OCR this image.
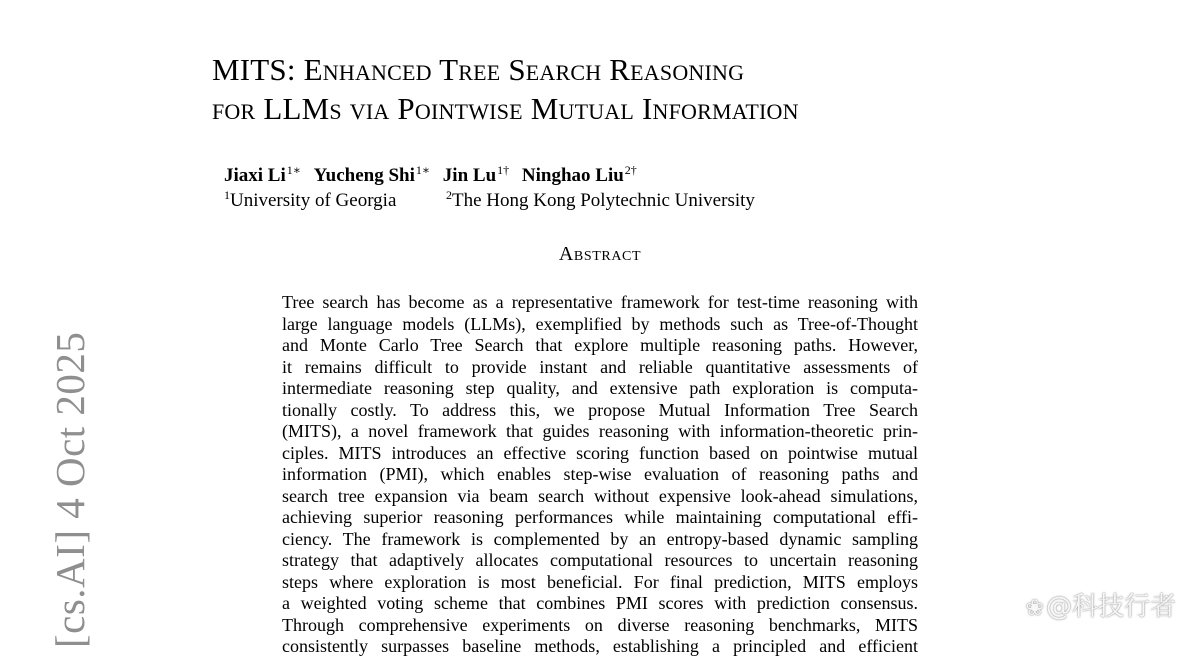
MITS: Enhanced Tree Search Reasoning
for LLMs via Pointwise Mutual Information
Jiaxi $Li^{1∗}$ Yucheng Shi$^{1∗}$ Jin $Lu^{1\dagger}$ Ninghao Liu$^{2\dagger}$
$^1$University of Georgia	$^2$The Hong Kong Polytechnic University
Abstract
Tree search has become as a representative framework for test-time reasoning with
large language models (LLMs), exemplified by methods such as Tree-of-Thought
and Monte Carlo Tree Search that explore multiple reasoning paths. However,
it remains difficult to provide instant and reliable quantitative assessments of
intermediate reasoning step quality, and extensive path exploration is computa-
tionally costly. To address this, we propose Mutual Information Tree Search
(MITS), a novel framework that guides reasoning with information-theoretic prin-
ciples. MITS introduces an effective scoring function based on pointwise mutual
information (PMI), which enables step-wise evaluation of reasoning paths and
search tree expansion via beam search without expensive look-ahead simulations,
achieving superior reasoning performances while maintaining computational effi-
ciency. The framework is complemented by an entropy-based dynamic sampling
strategy that adaptively allocates computational resources to uncertain reasoning
steps where exploration is most beneficial. For final prediction, MITS employs
a weighted voting scheme that combines PMI scores with prediction consensus.
Through comprehensive experiments on diverse reasoning benchmarks, MITS
consistently surpasses baseline methods, establishing a principled and efficient
[cs.AI] 4 Oct 2025	❀@科技行者
